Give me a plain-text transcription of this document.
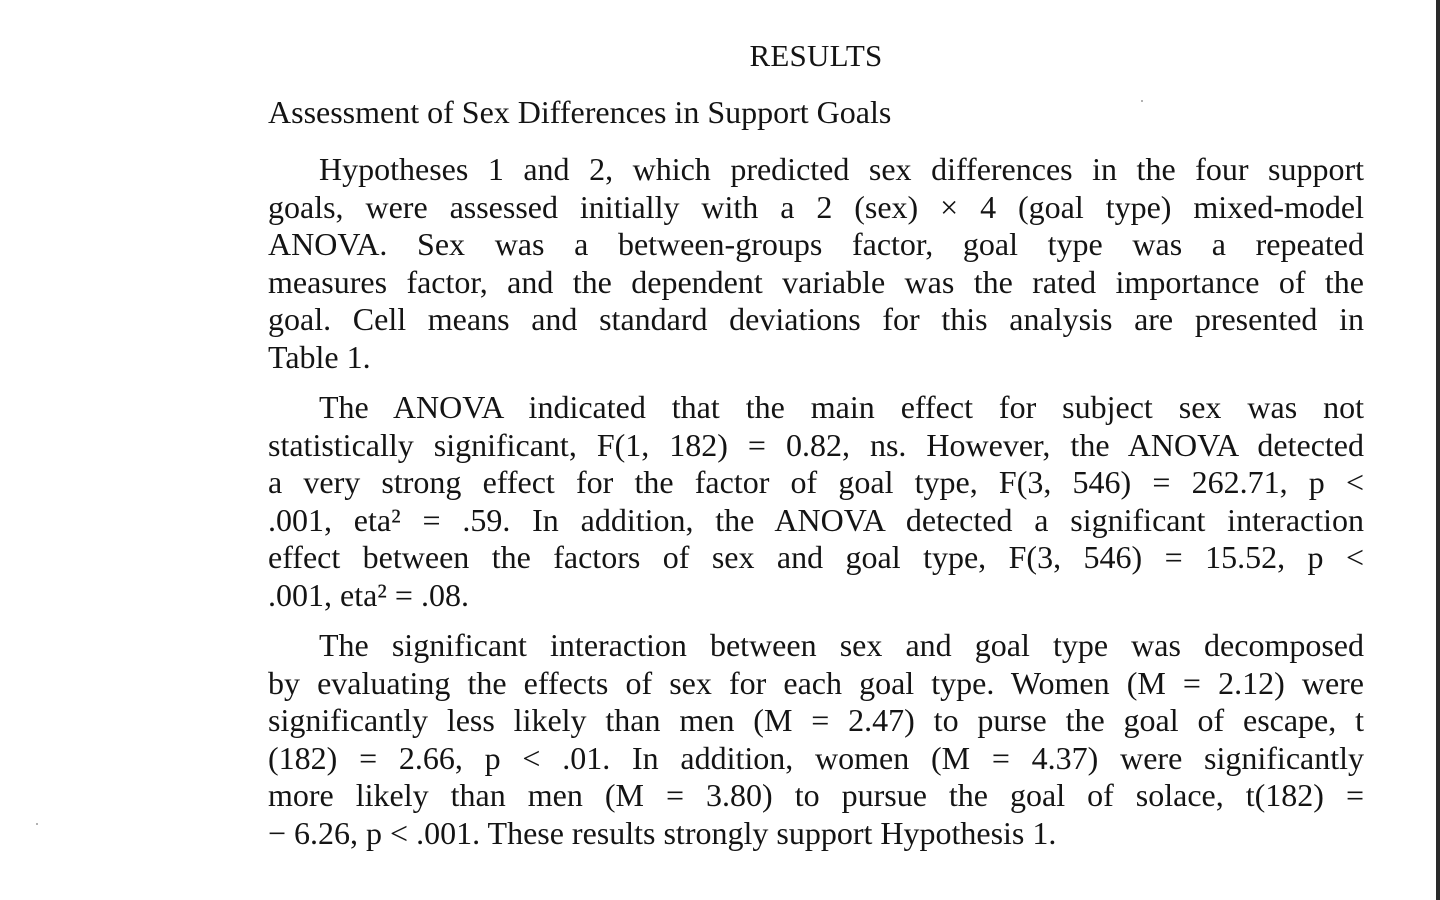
RESULTS
Assessment of Sex Differences in Support Goals
Hypotheses 1 and 2, which predicted sex differences in the four support
goals, were assessed initially with a 2 (sex) × 4 (goal type) mixed-model
ANOVA. Sex was a between-groups factor, goal type was a repeated
measures factor, and the dependent variable was the rated importance of the
goal. Cell means and standard deviations for this analysis are presented in
Table 1.
The ANOVA indicated that the main effect for subject sex was not
statistically significant, F(1, 182) = 0.82, ns. However, the ANOVA detected
a very strong effect for the factor of goal type, F(3, 546) = 262.71, p <
.001, eta² = .59. In addition, the ANOVA detected a significant interaction
effect between the factors of sex and goal type, F(3, 546) = 15.52, p <
.001, eta² = .08.
The significant interaction between sex and goal type was decomposed
by evaluating the effects of sex for each goal type. Women (M = 2.12) were
significantly less likely than men (M = 2.47) to purse the goal of escape, t
(182) = 2.66, p < .01. In addition, women (M = 4.37) were significantly
more likely than men (M = 3.80) to pursue the goal of solace, t(182) =
− 6.26, p < .001. These results strongly support Hypothesis 1.
